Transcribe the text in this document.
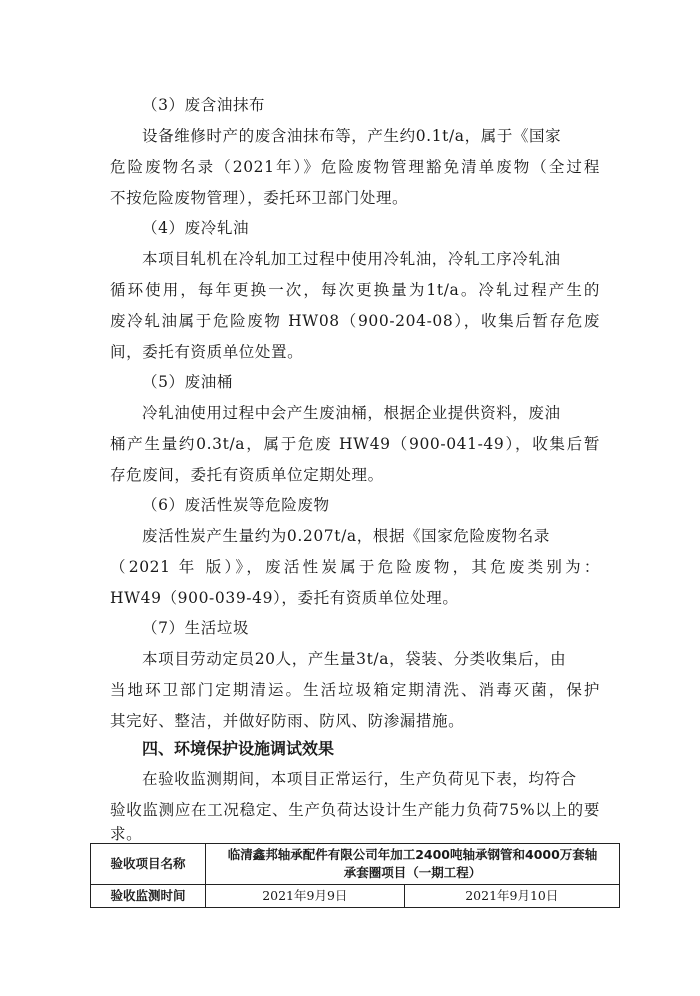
（3）废含油抹布
设备维修时产的废含油抹布等，产生约0.1t/a，属于《国家
危险废物名录（2021年）》危险废物管理豁免清单废物（全过程
不按危险废物管理），委托环卫部门处理。
（4）废冷轧油
本项目轧机在冷轧加工过程中使用冷轧油，冷轧工序冷轧油
循环使用，每年更换一次，每次更换量为1t/a。冷轧过程产生的
废冷轧油属于危险废物 HW08（900-204-08），收集后暂存危废
间，委托有资质单位处置。
（5）废油桶
冷轧油使用过程中会产生废油桶，根据企业提供资料，废油
桶产生量约0.3t/a，属于危废 HW49（900-041-49），收集后暂
存危废间，委托有资质单位定期处理。
（6）废活性炭等危险废物
废活性炭产生量约为0.207t/a，根据《国家危险废物名录
（2021 年 版）》，废活性炭属于危险废物，其危废类别为：
HW49（900-039-49），委托有资质单位处理。
（7）生活垃圾
本项目劳动定员20人，产生量3t/a，袋装、分类收集后，由
当地环卫部门定期清运。生活垃圾箱定期清洗、消毒灭菌，保护
其完好、整洁，并做好防雨、防风、防渗漏措施。
四、环境保护设施调试效果
在验收监测期间，本项目正常运行，生产负荷见下表，均符合
验收监测应在工况稳定、生产负荷达设计生产能力负荷75%以上的要
求。
验收项目名称	临清鑫邦轴承配件有限公司年加工2400吨轴承钢管和4000万套轴
承套圈项目（一期工程）	

验收监测时间	2021年9月9日	2021年9月10日
